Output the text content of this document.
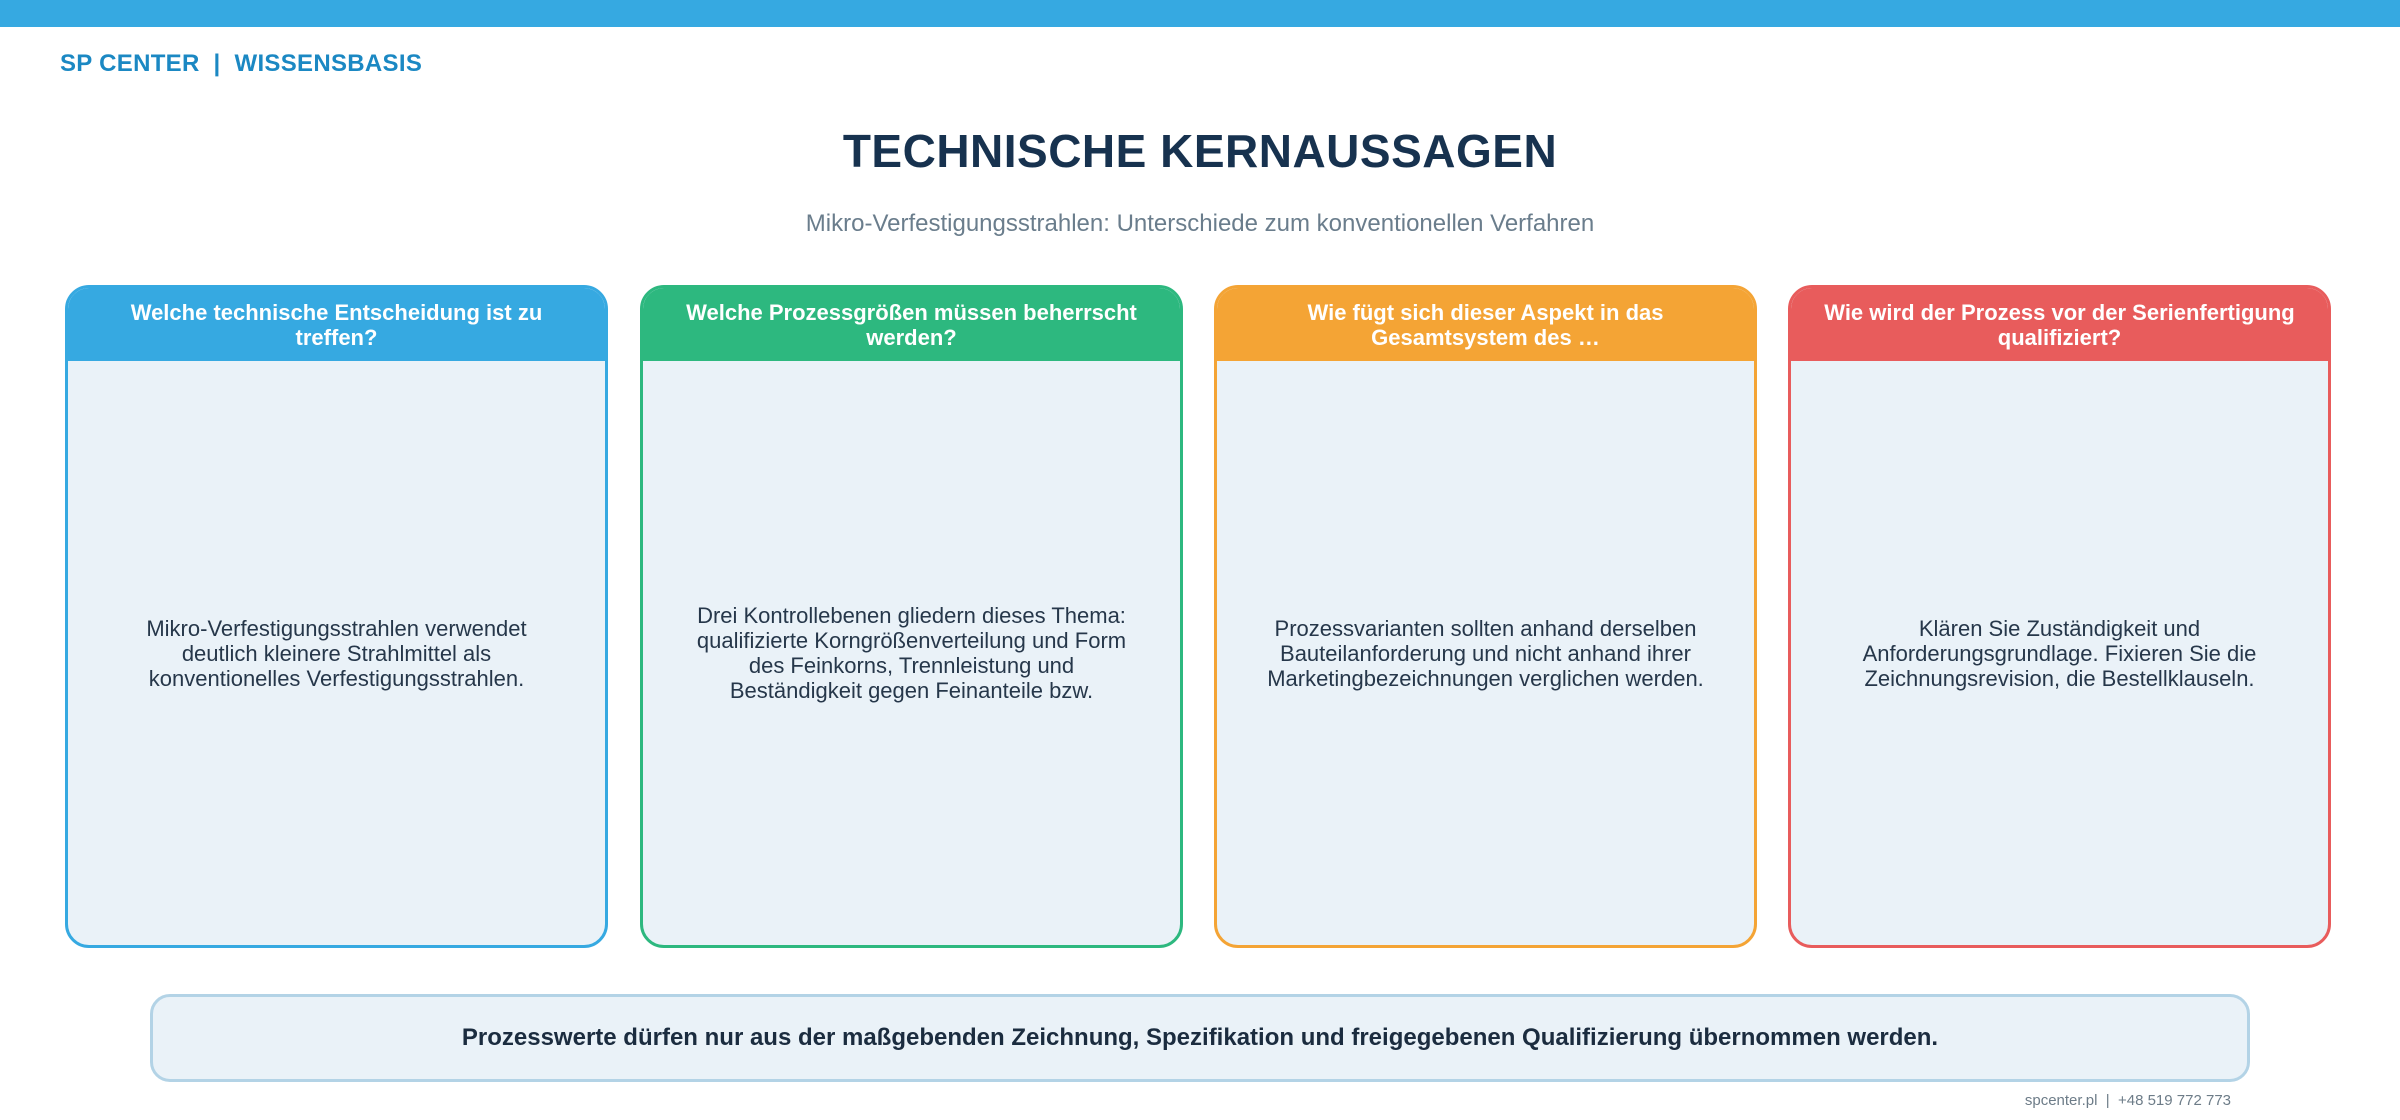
SP CENTER  |  WISSENSBASIS
TECHNISCHE KERNAUSSAGEN
Mikro-Verfestigungsstrahlen: Unterschiede zum konventionellen Verfahren
Welche technische Entscheidung ist zu treffen?
Mikro-Verfestigungsstrahlen verwendet deutlich kleinere Strahlmittel als konventionelles Verfestigungsstrahlen.
Welche Prozessgrößen müssen beherrscht werden?
Drei Kontrollebenen gliedern dieses Thema: qualifizierte Korngrößenverteilung und Form des Feinkorns, Trennleistung und Beständigkeit gegen Feinanteile bzw.
Wie fügt sich dieser Aspekt in das Gesamtsystem des …
Prozessvarianten sollten anhand derselben Bauteilanforderung und nicht anhand ihrer Marketingbezeichnungen verglichen werden.
Wie wird der Prozess vor der Serienfertigung qualifiziert?
Klären Sie Zuständigkeit und Anforderungsgrundlage. Fixieren Sie die Zeichnungsrevision, die Bestellklauseln.
Prozesswerte dürfen nur aus der maßgebenden Zeichnung, Spezifikation und freigegebenen Qualifizierung übernommen werden.
spcenter.pl  |  +48 519 772 773
